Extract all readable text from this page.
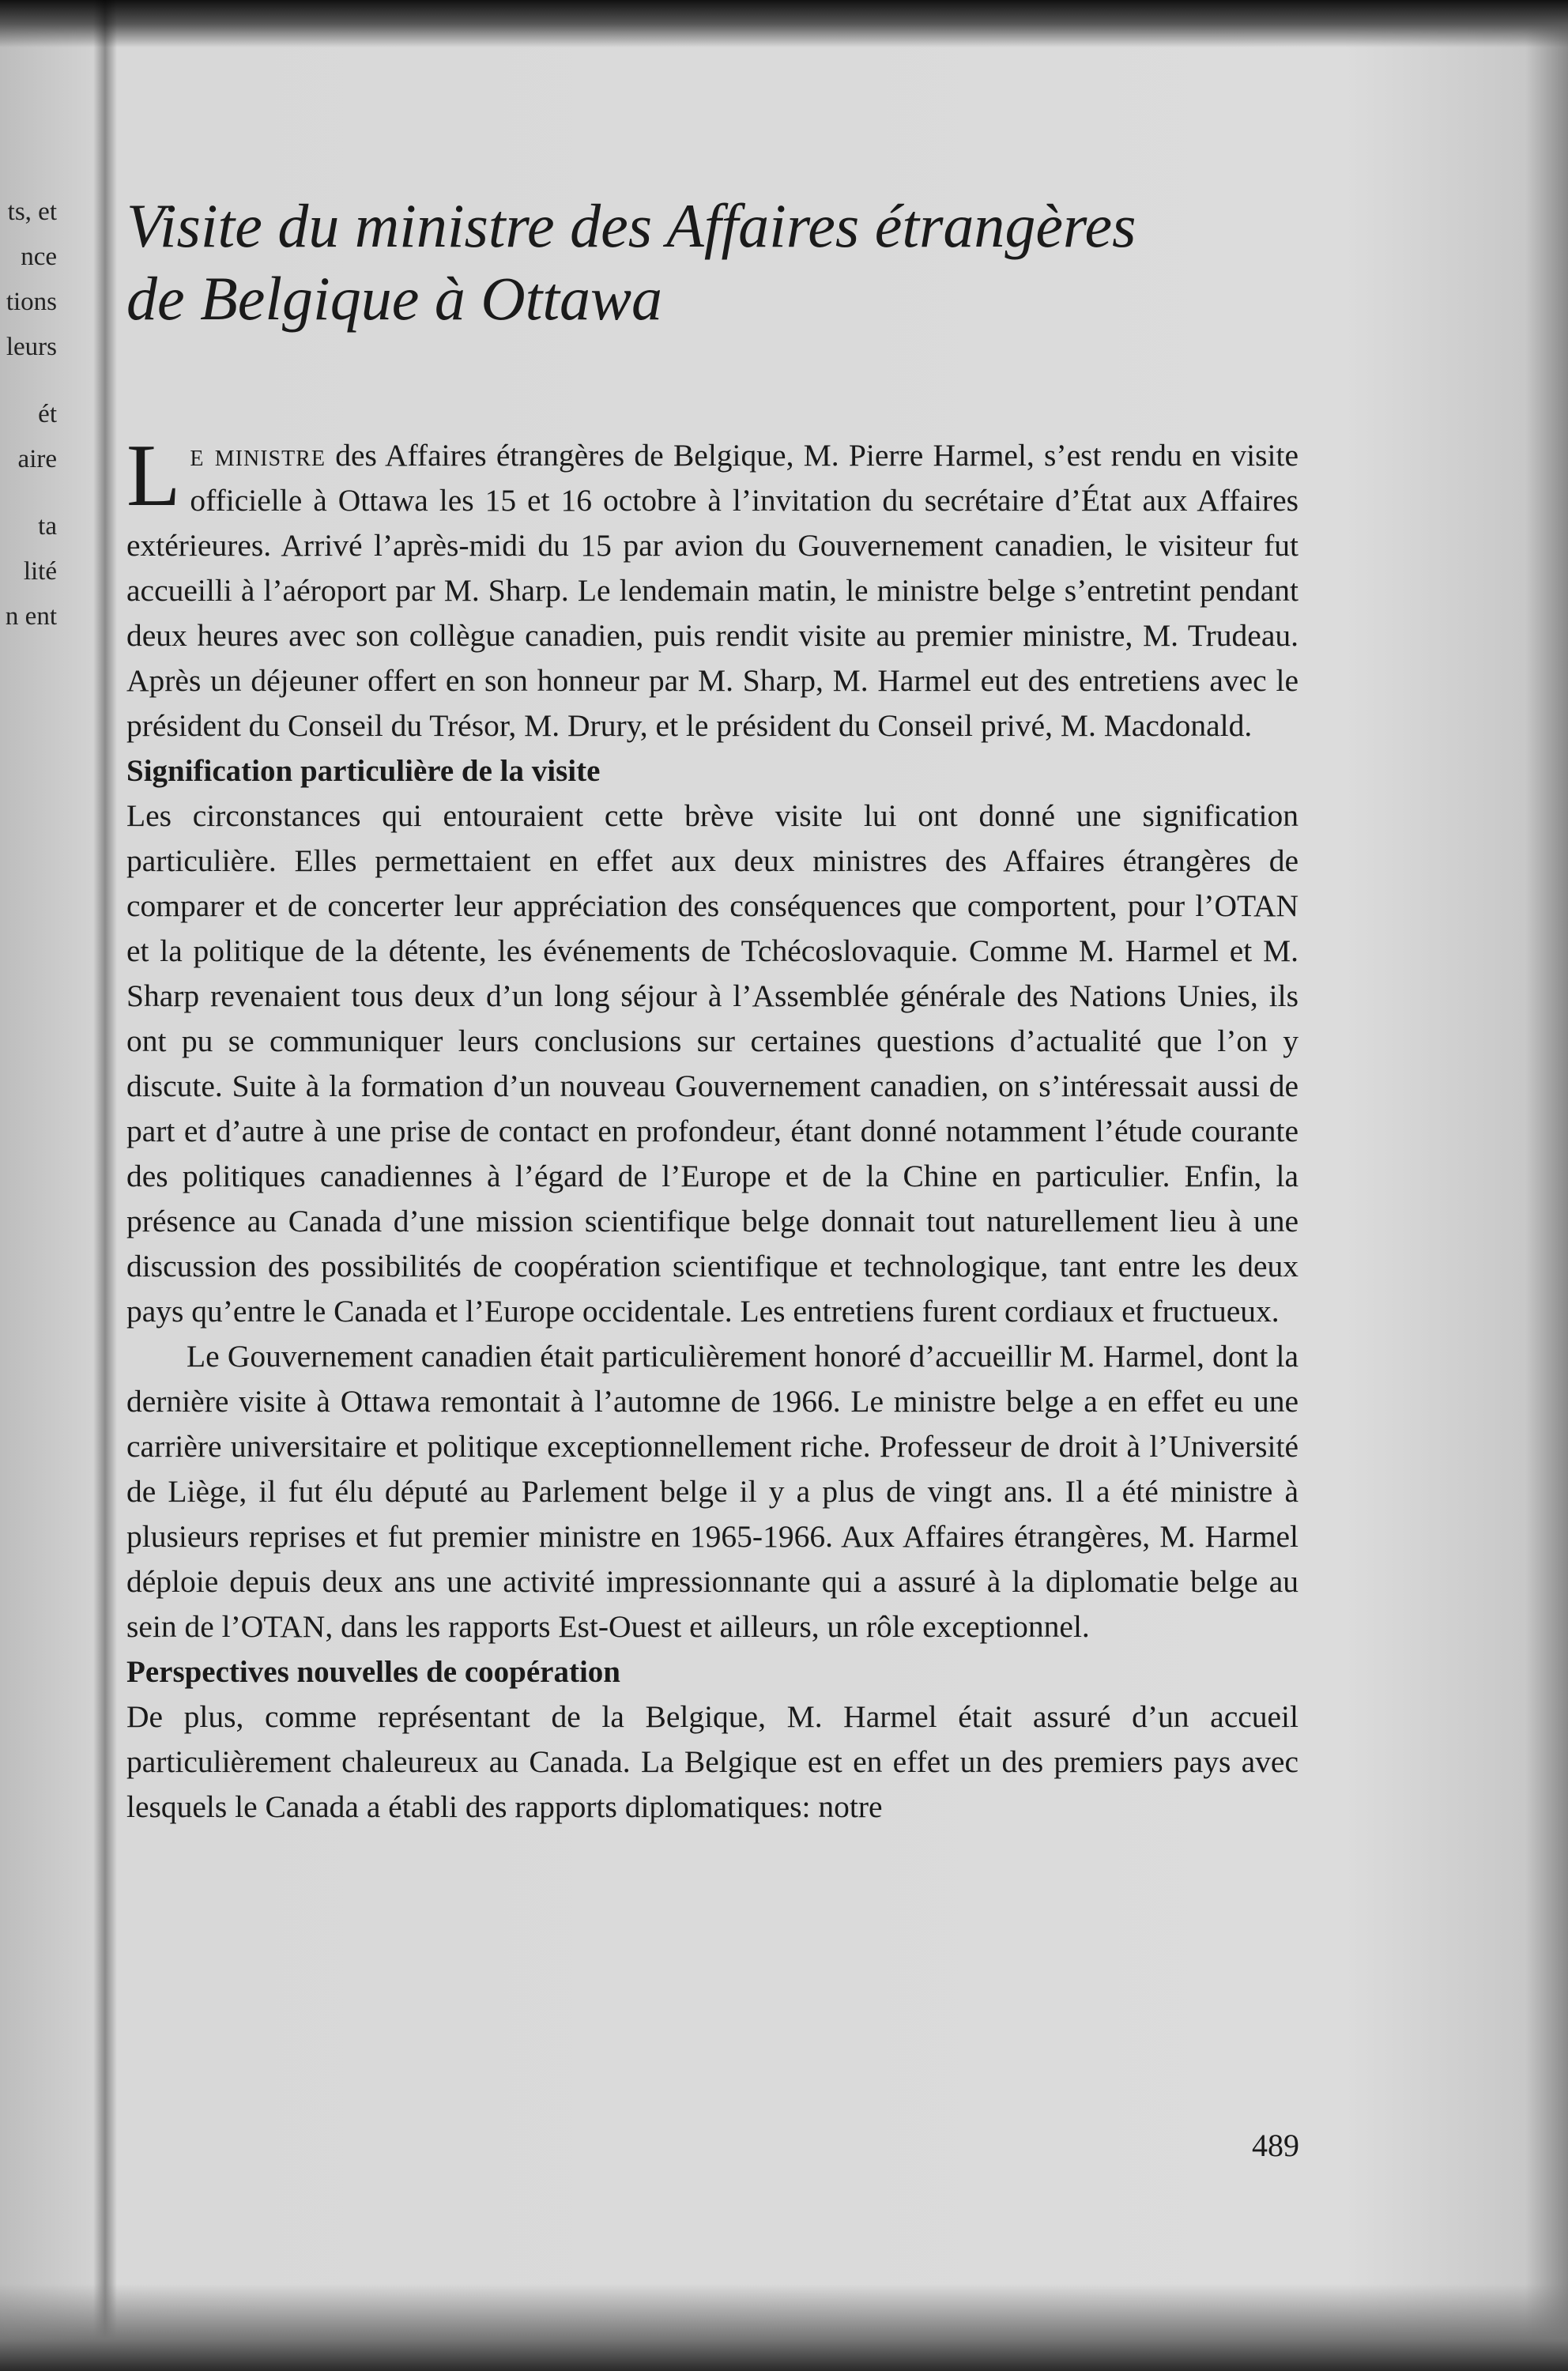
ts, et
nce
tions
leurs
ét aire
ta lité
n ent
Visite du ministre des Affaires étrangères
de Belgique à Ottawa

Le ministre des Affaires étrangères de Belgique, M. Pierre Harmel, s’est rendu en visite officielle à Ottawa les 15 et 16 octobre à l’invitation du secrétaire d’État aux Affaires extérieures. Arrivé l’après-midi du 15 par avion du Gouvernement canadien, le visiteur fut accueilli à l’aéroport par M. Sharp. Le lendemain matin, le ministre belge s’entretint pendant deux heures avec son collègue canadien, puis rendit visite au premier ministre, M. Trudeau. Après un déjeuner offert en son honneur par M. Sharp, M. Harmel eut des entretiens avec le président du Conseil du Trésor, M. Drury, et le président du Conseil privé, M. Macdonald.

Signification particulière de la visite

Les circonstances qui entouraient cette brève visite lui ont donné une signification particulière. Elles permettaient en effet aux deux ministres des Affaires étrangères de comparer et de concerter leur appréciation des conséquences que comportent, pour l’OTAN et la politique de la détente, les événements de Tchécoslovaquie. Comme M. Harmel et M. Sharp revenaient tous deux d’un long séjour à l’Assemblée générale des Nations Unies, ils ont pu se communiquer leurs conclusions sur certaines questions d’actualité que l’on y discute. Suite à la formation d’un nouveau Gouvernement canadien, on s’intéressait aussi de part et d’autre à une prise de contact en profondeur, étant donné notamment l’étude courante des politiques canadiennes à l’égard de l’Europe et de la Chine en particulier. Enfin, la présence au Canada d’une mission scientifique belge donnait tout naturellement lieu à une discussion des possibilités de coopération scientifique et technologique, tant entre les deux pays qu’entre le Canada et l’Europe occidentale. Les entretiens furent cordiaux et fructueux.

Le Gouvernement canadien était particulièrement honoré d’accueillir M. Harmel, dont la dernière visite à Ottawa remontait à l’automne de 1966. Le ministre belge a en effet eu une carrière universitaire et politique exceptionnellement riche. Professeur de droit à l’Université de Liège, il fut élu député au Parlement belge il y a plus de vingt ans. Il a été ministre à plusieurs reprises et fut premier ministre en 1965-1966. Aux Affaires étrangères, M. Harmel déploie depuis deux ans une activité impressionnante qui a assuré à la diplomatie belge au sein de l’OTAN, dans les rapports Est-Ouest et ailleurs, un rôle exceptionnel.

Perspectives nouvelles de coopération

De plus, comme représentant de la Belgique, M. Harmel était assuré d’un accueil particulièrement chaleureux au Canada. La Belgique est en effet un des premiers pays avec lesquels le Canada a établi des rapports diplomatiques: notre

489
